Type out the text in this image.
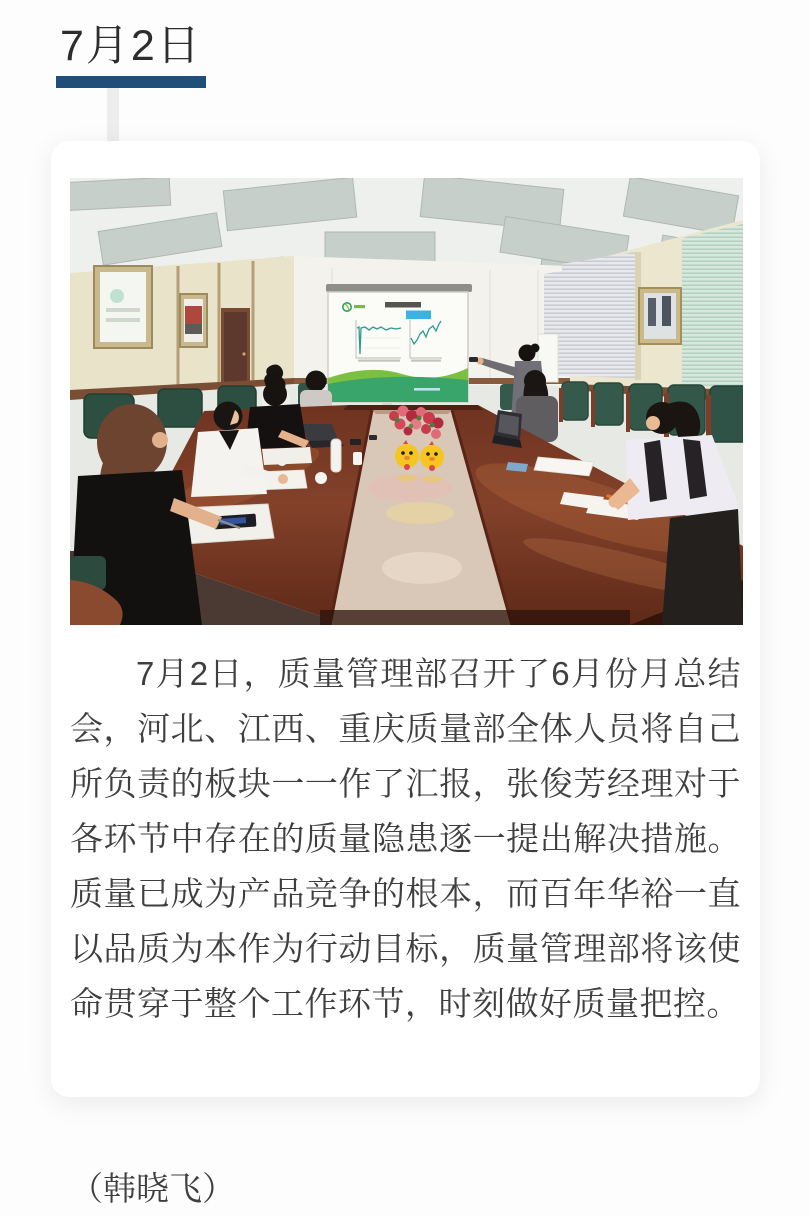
7月2日

7月2日，质量管理部召开了6月份月总结会，河北、江西、重庆质量部全体人员将自己所负责的板块一一作了汇报，张俊芳经理对于各环节中存在的质量隐患逐一提出解决措施。质量已成为产品竞争的根本，而百年华裕一直以品质为本作为行动目标，质量管理部将该使命贯穿于整个工作环节，时刻做好质量把控。

（韩晓飞）
